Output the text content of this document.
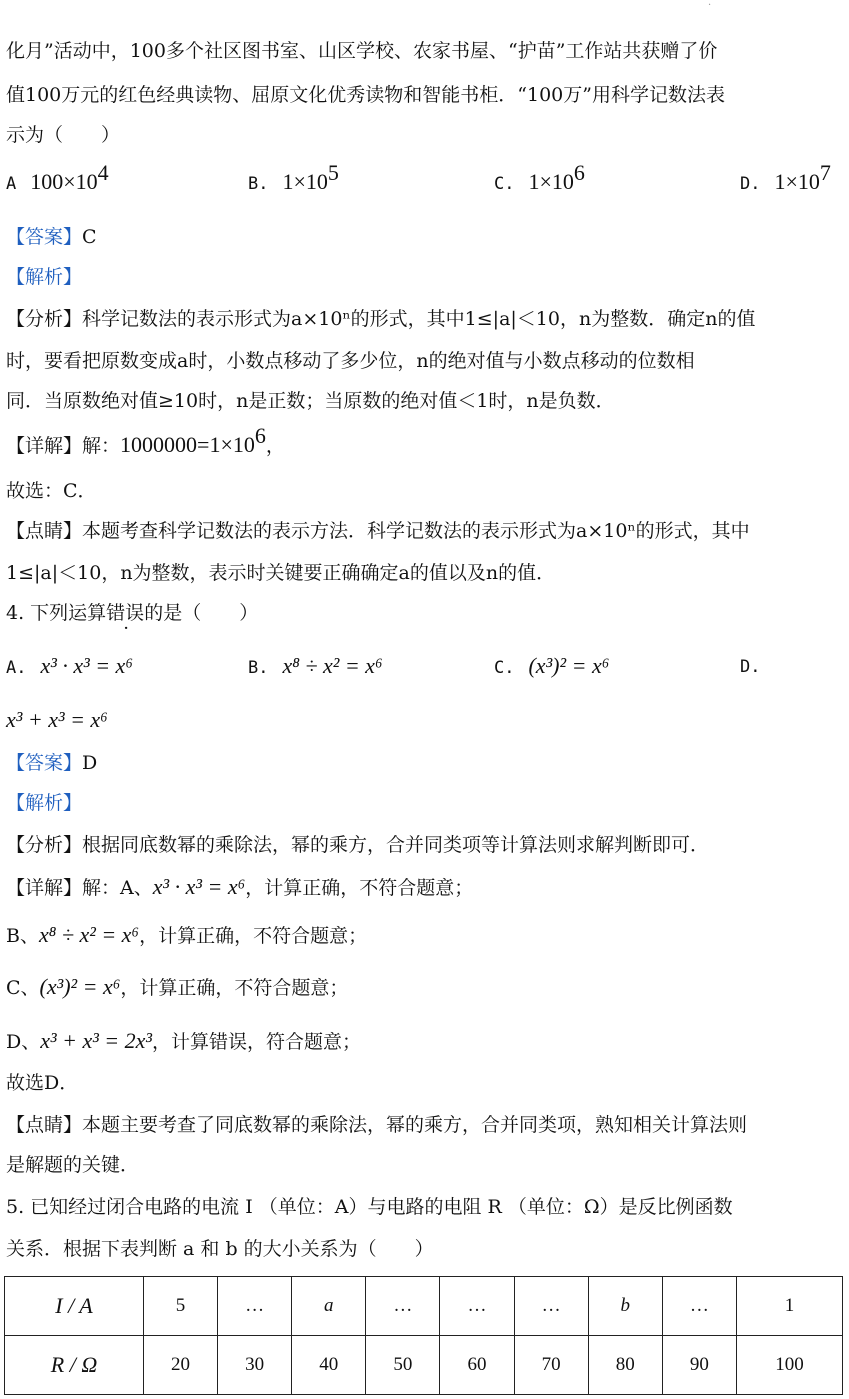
·
化月”活动中，100多个社区图书室、山区学校、农家书屋、“护苗”工作站共获赠了价
值100万元的红色经典读物、屈原文化优秀读物和智能书柜．“100万”用科学记数法表
示为（　　）
A $100\times 10^4$	B. $1\times 10^5$	C. $1\times 10^6$	D. $1\times 10^7$
【答案】C
【解析】
【分析】科学记数法的表示形式为a×10ⁿ的形式，其中1≤|a|＜10，n为整数．确定n的值
时，要看把原数变成a时，小数点移动了多少位，n的绝对值与小数点移动的位数相
同．当原数绝对值≥10时，n是正数；当原数的绝对值＜1时，n是负数．
【详解】解：$1000000=1\times 10^6$，
故选：C．
【点睛】本题考查科学记数法的表示方法．科学记数法的表示形式为a×10ⁿ的形式，其中
1≤|a|＜10，n为整数，表示时关键要正确确定a的值以及n的值．
4. 下列运算错误的是（　　）
A. x³ · x³ = x⁶	B. x⁸ ÷ x² = x⁶	C. (x³)² = x⁶	D.
x³ + x³ = x⁶
【答案】D
【解析】
【分析】根据同底数幂的乘除法，幂的乘方，合并同类项等计算法则求解判断即可．
【详解】解：A、x³ · x³ = x⁶，计算正确，不符合题意；
B、x⁸ ÷ x² = x⁶，计算正确，不符合题意；
C、(x³)² = x⁶，计算正确，不符合题意；
D、x³ + x³ = 2x³，计算错误，符合题意；
故选D．
【点睛】本题主要考查了同底数幂的乘除法，幂的乘方，合并同类项，熟知相关计算法则
是解题的关键．
5. 已知经过闭合电路的电流 I （单位：A）与电路的电阻 R （单位：Ω）是反比例函数
关系．根据下表判断 a 和 b 的大小关系为（　　）
I / A	5	…	a	…	…	…	b	…	1
R / Ω	20	30	40	50	60	70	80	90	100
